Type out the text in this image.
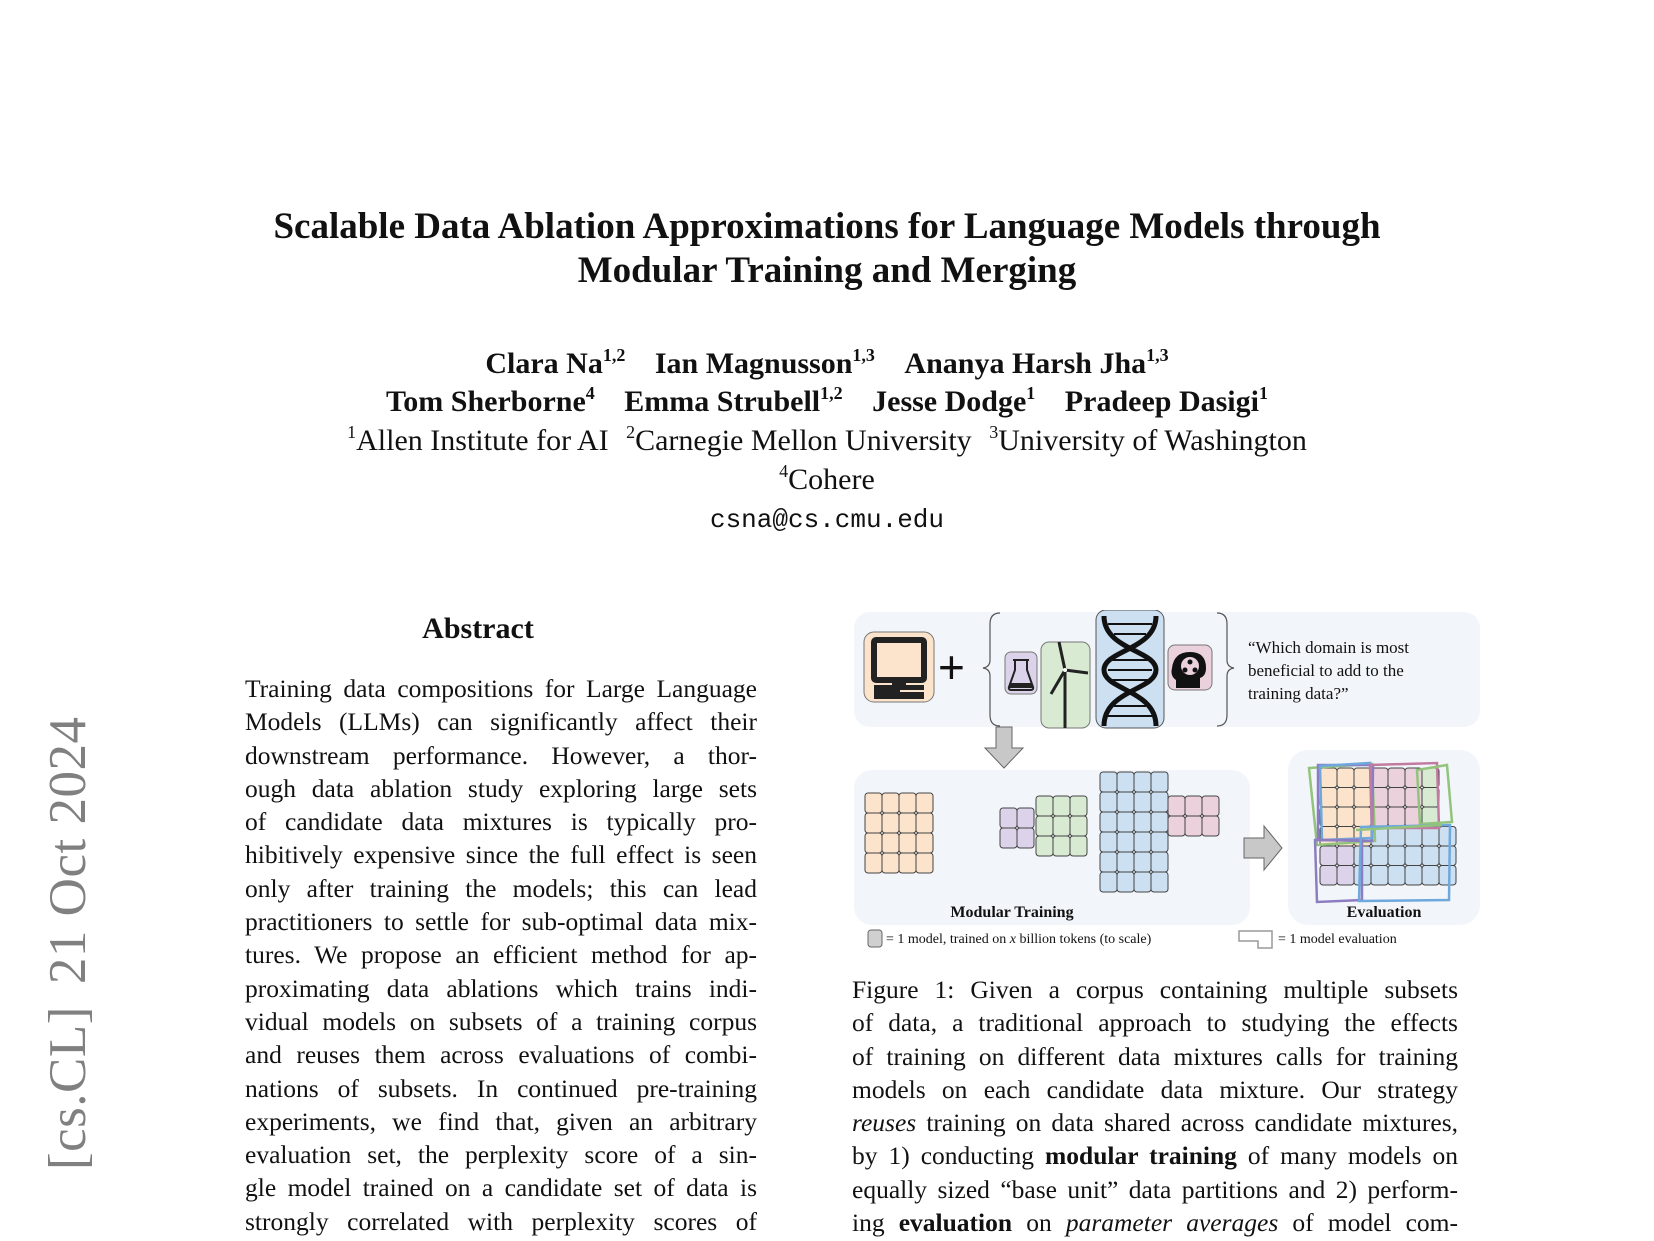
[cs.CL]21 Oct 2024
Scalable Data Ablation Approximations for Language Models through
Modular Training and Merging
Clara Na$^{1,2}$ Ian Magnusson$^{1,3}$ Ananya Harsh Jha$^{1,3}$
Tom Sherborne$^4$ Emma Strubell$^{1,2}$ Jesse Dodge$^1$ Pradeep Dasigi$^1$
$^1$Allen Institute for AI $^2$Carnegie Mellon University $^3$University of Washington
$^4$Cohere
csna@cs.cmu.edu
Abstract
Training data compositions for Large Language
Models (LLMs) can significantly affect their
downstream performance. However, a thor-
ough data ablation study exploring large sets
of candidate data mixtures is typically pro-
hibitively expensive since the full effect is seen
only after training the models; this can lead
practitioners to settle for sub-optimal data mix-
tures. We propose an efficient method for ap-
proximating data ablations which trains indi-
vidual models on subsets of a training corpus
and reuses them across evaluations of combi-
nations of subsets. In continued pre-training
experiments, we find that, given an arbitrary
evaluation set, the perplexity score of a sin-
gle model trained on a candidate set of data is
strongly correlated with perplexity scores of
+	“Which domain is most beneficial to add to the training data?”
Modular Training	Evaluation
= 1 model, trained on x billion tokens (to scale)	= 1 model evaluation
Figure 1: Given a corpus containing multiple subsets
of data, a traditional approach to studying the effects
of training on different data mixtures calls for training
models on each candidate data mixture. Our strategy
reuses training on data shared across candidate mixtures,
by 1) conducting modular training of many models on
equally sized “base unit” data partitions and 2) perform-
ing evaluation on parameter averages of model com-
